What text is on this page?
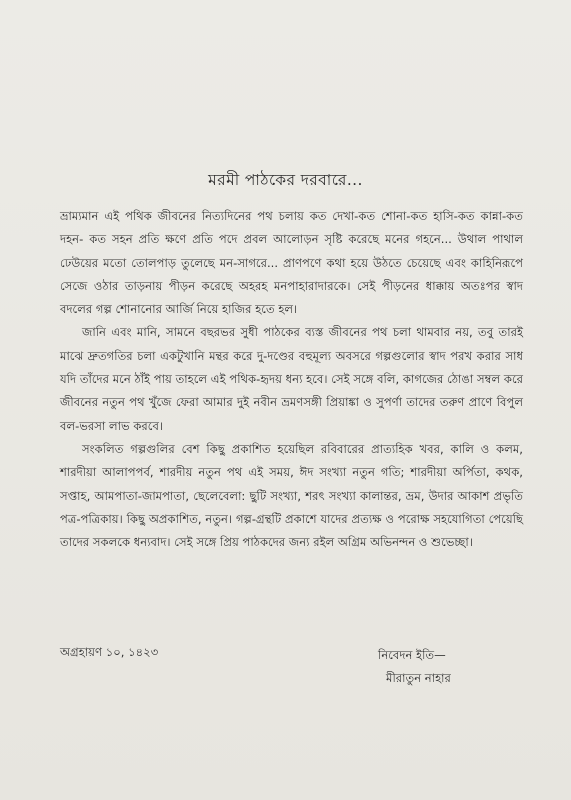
মরমী পাঠকের দরবারে...

ভ্রাম্যমান এই পথিক জীবনের নিত্যদিনের পথ চলায় কত দেখা-কত শোনা-কত হাসি-কত কান্না-কত দহন- কত সহন প্রতি ক্ষণে প্রতি পদে প্রবল আলোড়ন সৃষ্টি করেছে মনের গহনে... উথাল পাথাল ঢেউয়ের মতো তোলপাড় তুলেছে মন-সাগরে... প্রাণপণে কথা হয়ে উঠতে চেয়েছে এবং কাহিনিরূপে সেজে ওঠার তাড়নায় পীড়ন করেছে অহরহ মনপাহারাদারকে। সেই পীড়নের ধাক্কায় অতঃপর স্বাদ বদলের গল্প শোনানোর আর্জি নিয়ে হাজির হতে হল।

জানি এবং মানি, সামনে বছরভর সুধী পাঠকের ব্যস্ত জীবনের পথ চলা থামবার নয়, তবু তারই মাঝে দ্রুতগতির চলা একটুখানি মন্থর করে দু-দণ্ডের বহুমূল্য অবসরে গল্পগুলোর স্বাদ পরখ করার সাধ যদি তাঁদের মনে ঠাঁই পায় তাহলে এই পথিক-হৃদয় ধন্য হবে। সেই সঙ্গে বলি, কাগজের ঠোঙা সম্বল করে জীবনের নতুন পথ খুঁজে ফেরা আমার দুই নবীন ভ্রমণসঙ্গী প্রিয়াঙ্কা ও সুপর্ণা তাদের তরুণ প্রাণে বিপুল বল-ভরসা লাভ করবে।

সংকলিত গল্পগুলির বেশ কিছু প্রকাশিত হয়েছিল রবিবারের প্রাত্যহিক খবর, কালি ও কলম, শারদীয়া আলাপপর্ব, শারদীয় নতুন পথ এই সময়, ঈদ সংখ্যা নতুন গতি; শারদীয়া অর্পিতা, কথক, সপ্তাহ, আমপাতা-জামপাতা, ছেলেবেলা: ছুটি সংখ্যা, শরৎ সংখ্যা কালান্তর, ভ্রম, উদার আকাশ প্রভৃতি পত্র-পত্রিকায়। কিছু অপ্রকাশিত, নতুন। গল্প-গ্রন্থটি প্রকাশে যাদের প্রত্যক্ষ ও পরোক্ষ সহযোগিতা পেয়েছি তাদের সকলকে ধন্যবাদ। সেই সঙ্গে প্রিয় পাঠকদের জন্য রইল অগ্রিম অভিনন্দন ও শুভেচ্ছা।

অগ্রহায়ণ ১০, ১৪২৩	নিবেদন ইতি—
মীরাতুন নাহার
